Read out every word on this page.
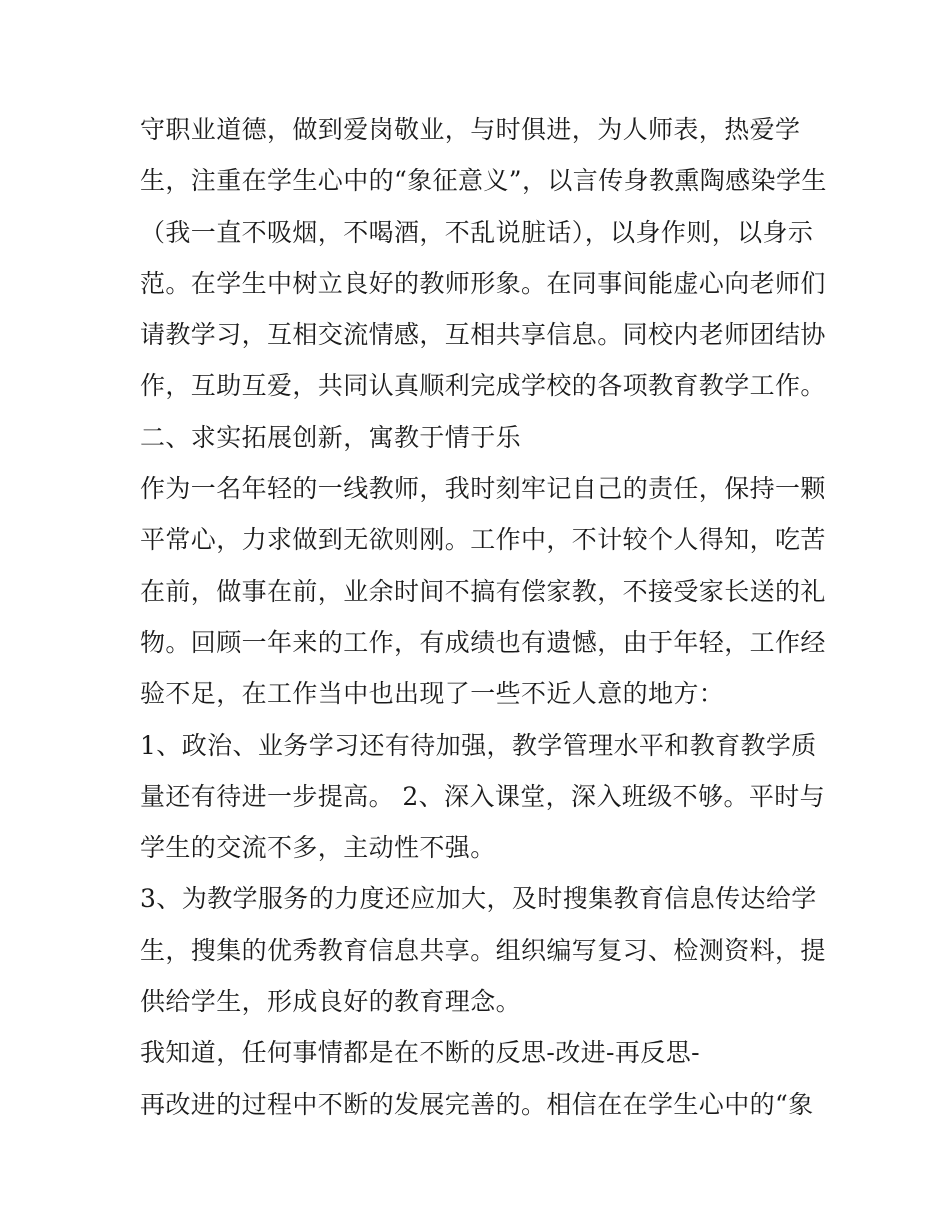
守职业道德，做到爱岗敬业，与时俱进，为人师表，热爱学
生，注重在学生心中的“象征意义”，以言传身教熏陶感染学生
（我一直不吸烟，不喝酒，不乱说脏话），以身作则，以身示
范。在学生中树立良好的教师形象。在同事间能虚心向老师们
请教学习，互相交流情感，互相共享信息。同校内老师团结协
作，互助互爱，共同认真顺利完成学校的各项教育教学工作。
二、求实拓展创新，寓教于情于乐
作为一名年轻的一线教师，我时刻牢记自己的责任，保持一颗
平常心，力求做到无欲则刚。工作中，不计较个人得知，吃苦
在前，做事在前，业余时间不搞有偿家教，不接受家长送的礼
物。回顾一年来的工作，有成绩也有遗憾，由于年轻，工作经
验不足，在工作当中也出现了一些不近人意的地方：
1、政治、业务学习还有待加强，教学管理水平和教育教学质
量还有待进一步提高。 2、深入课堂，深入班级不够。平时与
学生的交流不多，主动性不强。
3、为教学服务的力度还应加大，及时搜集教育信息传达给学
生，搜集的优秀教育信息共享。组织编写复习、检测资料，提
供给学生，形成良好的教育理念。
我知道，任何事情都是在不断的反思-改进-再反思-
再改进的过程中不断的发展完善的。相信在在学生心中的“象
